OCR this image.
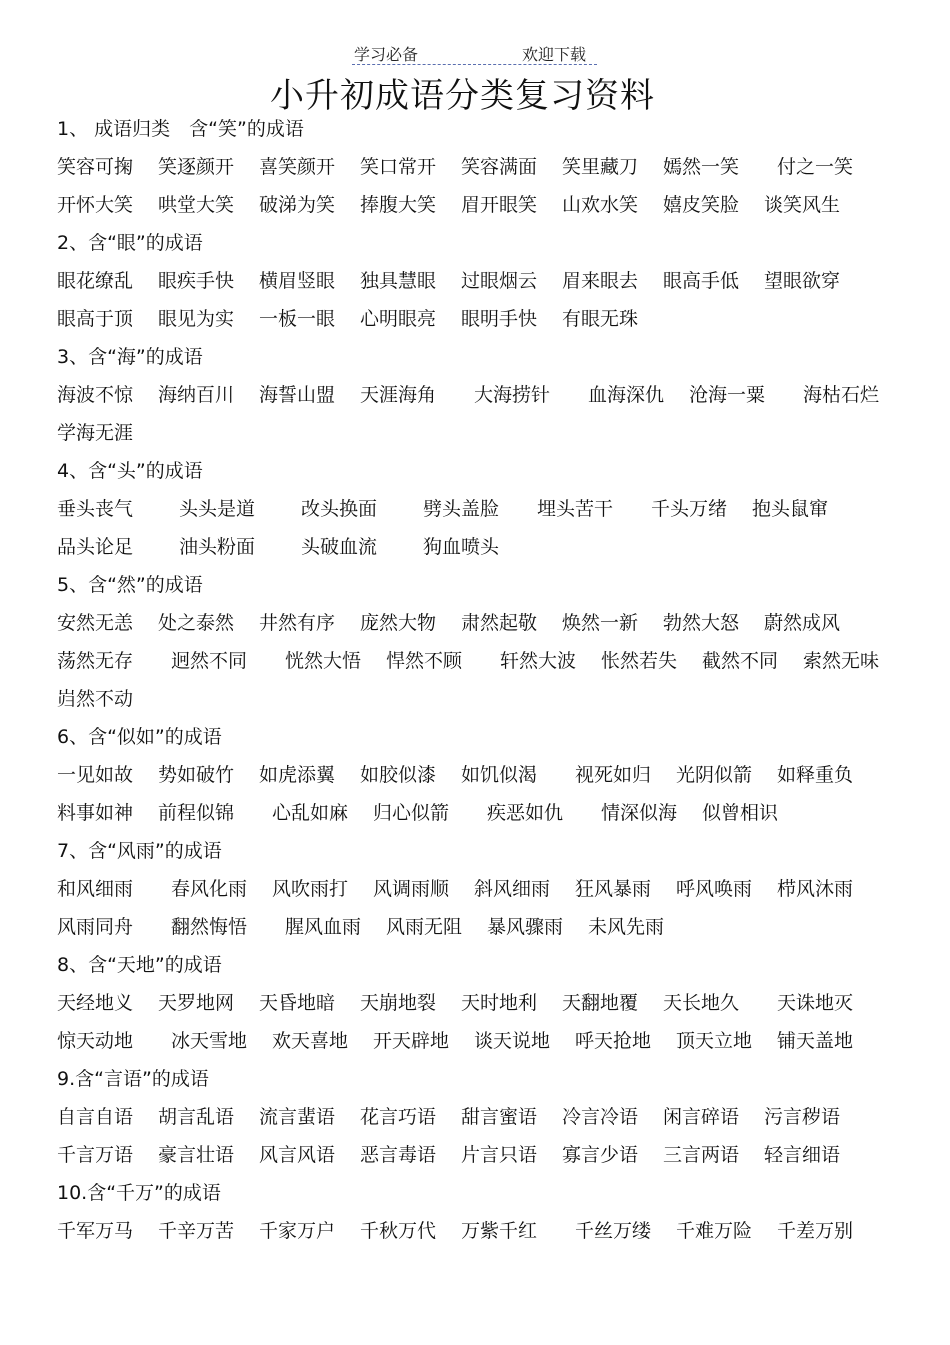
学习必备	欢迎下载
小升初成语分类复习资料
1、 成语归类　含“笑”的成语
笑容可掬 笑逐颜开 喜笑颜开 笑口常开 笑容满面 笑里藏刀 嫣然一笑 付之一笑
开怀大笑 哄堂大笑 破涕为笑 捧腹大笑 眉开眼笑 山欢水笑 嬉皮笑脸 谈笑风生
2、含“眼”的成语
眼花缭乱 眼疾手快 横眉竖眼 独具慧眼 过眼烟云 眉来眼去 眼高手低 望眼欲穿
眼高于顶 眼见为实 一板一眼 心明眼亮 眼明手快 有眼无珠
3、含“海”的成语
海波不惊 海纳百川 海誓山盟 天涯海角 大海捞针 血海深仇 沧海一粟 海枯石烂
学海无涯
4、含“头”的成语
垂头丧气 头头是道 改头换面 劈头盖脸 埋头苦干 千头万绪 抱头鼠窜
品头论足 油头粉面 头破血流 狗血喷头
5、含“然”的成语
安然无恙 处之泰然 井然有序 庞然大物 肃然起敬 焕然一新 勃然大怒 蔚然成风
荡然无存 迥然不同 恍然大悟 悍然不顾 轩然大波 怅然若失 截然不同 索然无味
岿然不动
6、含“似如”的成语
一见如故 势如破竹 如虎添翼 如胶似漆 如饥似渴 视死如归 光阴似箭 如释重负
料事如神 前程似锦 心乱如麻 归心似箭 疾恶如仇 情深似海 似曾相识
7、含“风雨”的成语
和风细雨 春风化雨 风吹雨打 风调雨顺 斜风细雨 狂风暴雨 呼风唤雨 栉风沐雨
风雨同舟 翻然悔悟 腥风血雨 风雨无阻 暴风骤雨 未风先雨
8、含“天地”的成语
天经地义 天罗地网 天昏地暗 天崩地裂 天时地利 天翻地覆 天长地久 天诛地灭
惊天动地 冰天雪地 欢天喜地 开天辟地 谈天说地 呼天抢地 顶天立地 铺天盖地
9.含“言语”的成语
自言自语 胡言乱语 流言蜚语 花言巧语 甜言蜜语 冷言冷语 闲言碎语 污言秽语
千言万语 豪言壮语 风言风语 恶言毒语 片言只语 寡言少语 三言两语 轻言细语
10.含“千万”的成语
千军万马 千辛万苦 千家万户 千秋万代 万紫千红 千丝万缕 千难万险 千差万别
